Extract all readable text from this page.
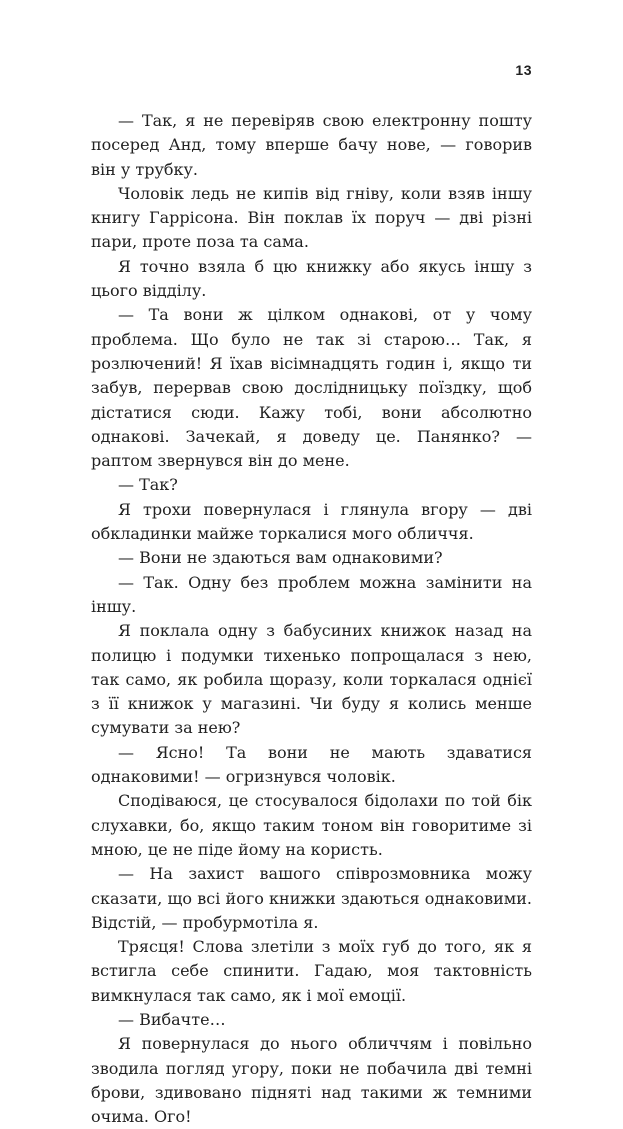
13

— Так, я не перевіряв свою електронну пошту посеред Анд, тому вперше бачу нове, — говорив він у трубку.

Чоловік ледь не кипів від гніву, коли взяв іншу книгу Гаррісона. Він поклав їх поруч — дві різні пари, проте поза та сама.

Я точно взяла б цю книжку або якусь іншу з цього відділу.

— Та вони ж цілком однакові, от у чому проблема. Що було не так зі старою… Так, я розлючений! Я їхав вісімнадцять годин і, якщо ти забув, перервав свою дослідницьку поїздку, щоб дістатися сюди. Кажу тобі, вони абсолютно однакові. Зачекай, я доведу це. Панянко? — раптом звернувся він до мене.

— Так?

Я трохи повернулася і глянула вгору — дві обкладинки майже торкалися мого обличчя.

— Вони не здаються вам однаковими?

— Так. Одну без проблем можна замінити на іншу.

Я поклала одну з бабусиних книжок назад на полицю і подумки тихенько попрощалася з нею, так само, як робила щоразу, коли торкалася однієї з її книжок у магазині. Чи буду я колись менше сумувати за нею?

— Ясно! Та вони не мають здаватися однаковими! — огризнувся чоловік.

Сподіваюся, це стосувалося бідолахи по той бік слухавки, бо, якщо таким тоном він говоритиме зі мною, це не піде йому на користь.

— На захист вашого співрозмовника можу сказати, що всі його книжки здаються однаковими. Відстій, — пробурмотіла я.

Трясця! Слова злетіли з моїх губ до того, як я встигла себе спинити. Гадаю, моя тактовність вимкнулася так само, як і мої емоції.

— Вибачте…

Я повернулася до нього обличчям і повільно зводила погляд угору, поки не побачила дві темні брови, здивовано підняті над такими ж темними очима. Ого!
